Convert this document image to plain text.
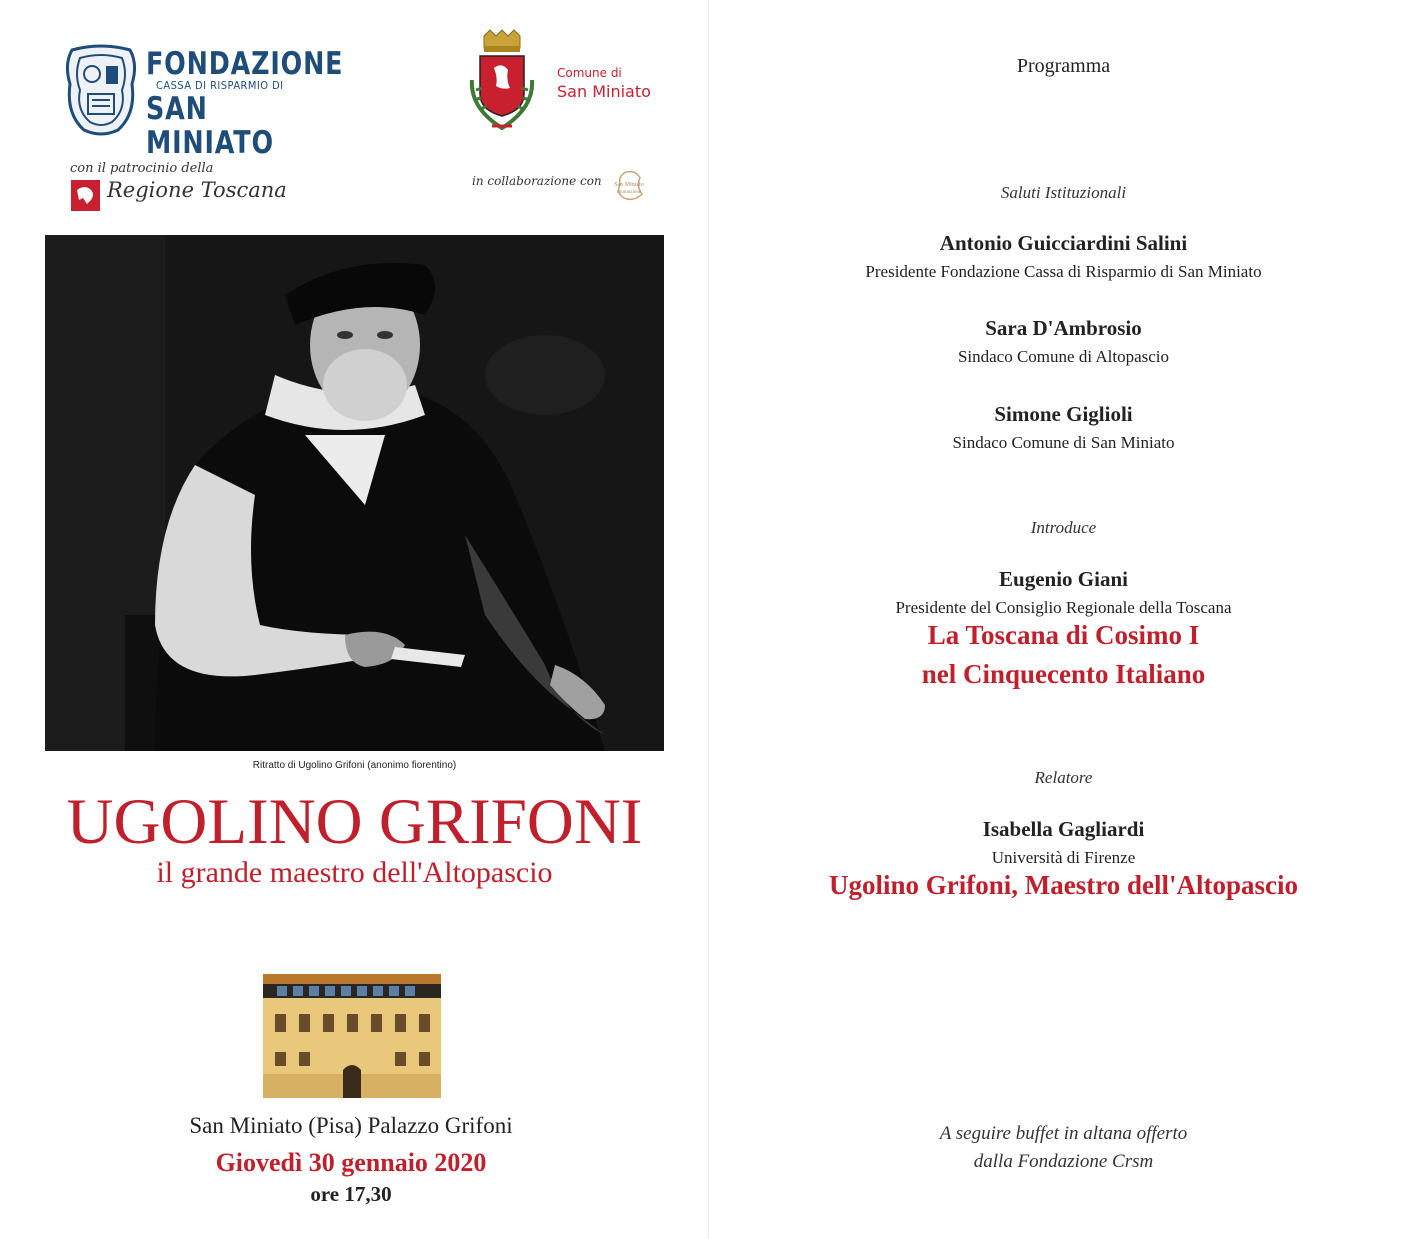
FONDAZIONE
CASSA DI RISPARMIO DI
SAN MINIATO
Comune di
San Miniato
con il patrocinio della
Regione Toscana	in collaborazione con San Miniato
Promozione
Ritratto di Ugolino Grifoni (anonimo fiorentino)
UGOLINO GRIFONI
il grande maestro dell'Altopascio
San Miniato (Pisa) Palazzo Grifoni
Giovedì 30 gennaio 2020
ore 17,30
Programma
Saluti Istituzionali
Antonio Guicciardini Salini
Presidente Fondazione Cassa di Risparmio di San Miniato
Sara D'Ambrosio
Sindaco Comune di Altopascio
Simone Giglioli
Sindaco Comune di San Miniato
Introduce
Eugenio Giani
Presidente del Consiglio Regionale della Toscana
La Toscana di Cosimo I
nel Cinquecento Italiano
Relatore
Isabella Gagliardi
Università di Firenze
Ugolino Grifoni, Maestro dell'Altopascio
A seguire buffet in altana offerto
dalla Fondazione Crsm
